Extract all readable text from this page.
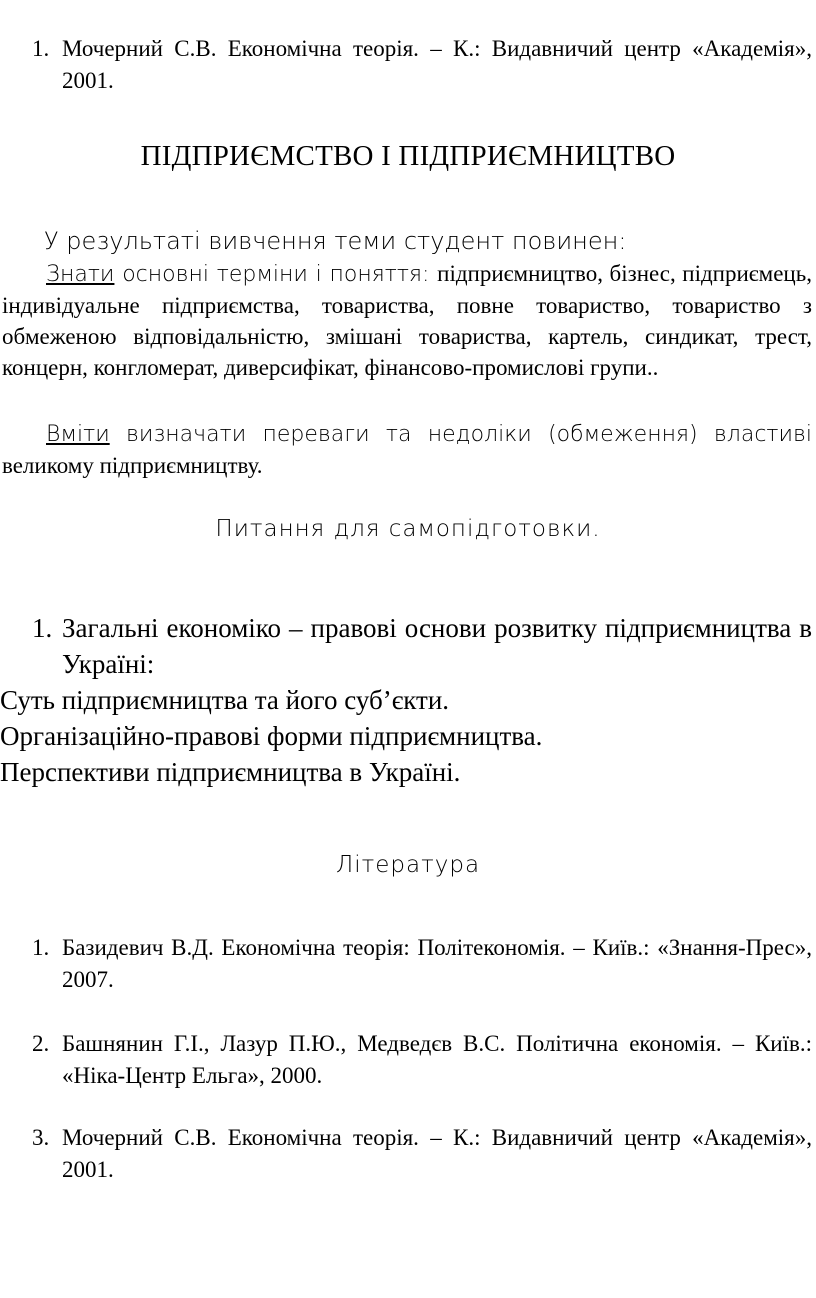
1. Мочерний С.В. Економічна теорія. – К.: Видавничий центр «Академія», 2001.
ПІДПРИЄМСТВО І ПІДПРИЄМНИЦТВО
У результаті вивчення теми студент повинен:
Знати основні терміни і поняття: підприємництво, бізнес, підприємець, індивідуальне підприємства, товариства, повне товариство, товариство з обмеженою відповідальністю, змішані товариства, картель, синдикат, трест, концерн, конгломерат, диверсифікат, фінансово-промислові групи..
Вміти визначати переваги та недоліки (обмеження) властиві великому підприємництву.
Питання для самопідготовки.
1. Загальні економіко – правові основи розвитку підприємництва в Україні:
Суть підприємництва та його суб’єкти.
Організаційно-правові форми підприємництва.
Перспективи підприємництва в Україні.
Література
1. Базидевич В.Д. Економічна теорія: Політекономія. – Київ.: «Знання-Прес», 2007.
2. Башнянин Г.І., Лазур П.Ю., Медведєв В.С. Політична економія. – Київ.: «Ніка-Центр Ельга», 2000.
3. Мочерний С.В. Економічна теорія. – К.: Видавничий центр «Академія», 2001.
